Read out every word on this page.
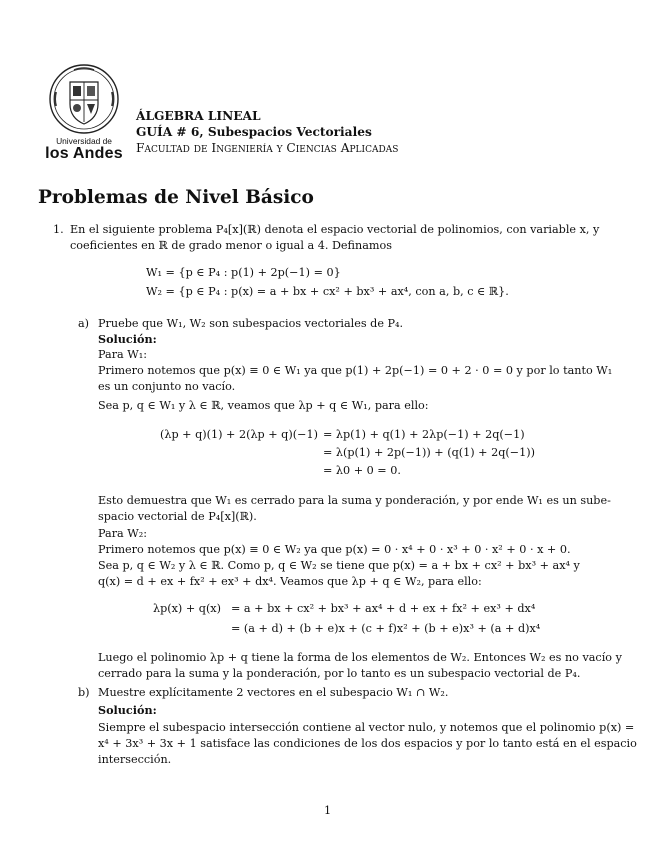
Universidad de
los Andes
ÁLGEBRA LINEAL
GUÍA # 6, Subespacios Vectoriales
Facultad de Ingeniería y Ciencias Aplicadas
Problemas de Nivel Básico
1. En el siguiente problema P₄[x](ℝ) denota el espacio vectorial de polinomios, con variable x, y
coeficientes en ℝ de grado menor o igual a 4. Definamos
W₁ = {p ∈ P₄ : p(1) + 2p(−1) = 0}
W₂ = {p ∈ P₄ : p(x) = a + bx + cx² + bx³ + ax⁴, con a, b, c ∈ ℝ}.
a) Pruebe que W₁, W₂ son subespacios vectoriales de P₄.
Solución:
Para W₁:
Primero notemos que p(x) ≡ 0 ∈ W₁ ya que p(1) + 2p(−1) = 0 + 2 · 0 = 0 y por lo tanto W₁
es un conjunto no vacío.
Sea p, q ∈ W₁ y λ ∈ ℝ, veamos que λp + q ∈ W₁, para ello:
(λp + q)(1) + 2(λp + q)(−1) = λp(1) + q(1) + 2λp(−1) + 2q(−1)
= λ(p(1) + 2p(−1)) + (q(1) + 2q(−1))
= λ0 + 0 = 0.
Esto demuestra que W₁ es cerrado para la suma y ponderación, y por ende W₁ es un sube-
spacio vectorial de P₄[x](ℝ).
Para W₂:
Primero notemos que p(x) ≡ 0 ∈ W₂ ya que p(x) = 0 · x⁴ + 0 · x³ + 0 · x² + 0 · x + 0.
Sea p, q ∈ W₂ y λ ∈ ℝ. Como p, q ∈ W₂ se tiene que p(x) = a + bx + cx² + bx³ + ax⁴ y
q(x) = d + ex + fx² + ex³ + dx⁴. Veamos que λp + q ∈ W₂, para ello:
λp(x) + q(x) = a + bx + cx² + bx³ + ax⁴ + d + ex + fx² + ex³ + dx⁴
= (a + d) + (b + e)x + (c + f)x² + (b + e)x³ + (a + d)x⁴
Luego el polinomio λp + q tiene la forma de los elementos de W₂. Entonces W₂ es no vacío y
cerrado para la suma y la ponderación, por lo tanto es un subespacio vectorial de P₄.
b) Muestre explícitamente 2 vectores en el subespacio W₁ ∩ W₂.
Solución:
Siempre el subespacio intersección contiene al vector nulo, y notemos que el polinomio p(x) =
x⁴ + 3x³ + 3x + 1 satisface las condiciones de los dos espacios y por lo tanto está en el espacio
intersección.
1
